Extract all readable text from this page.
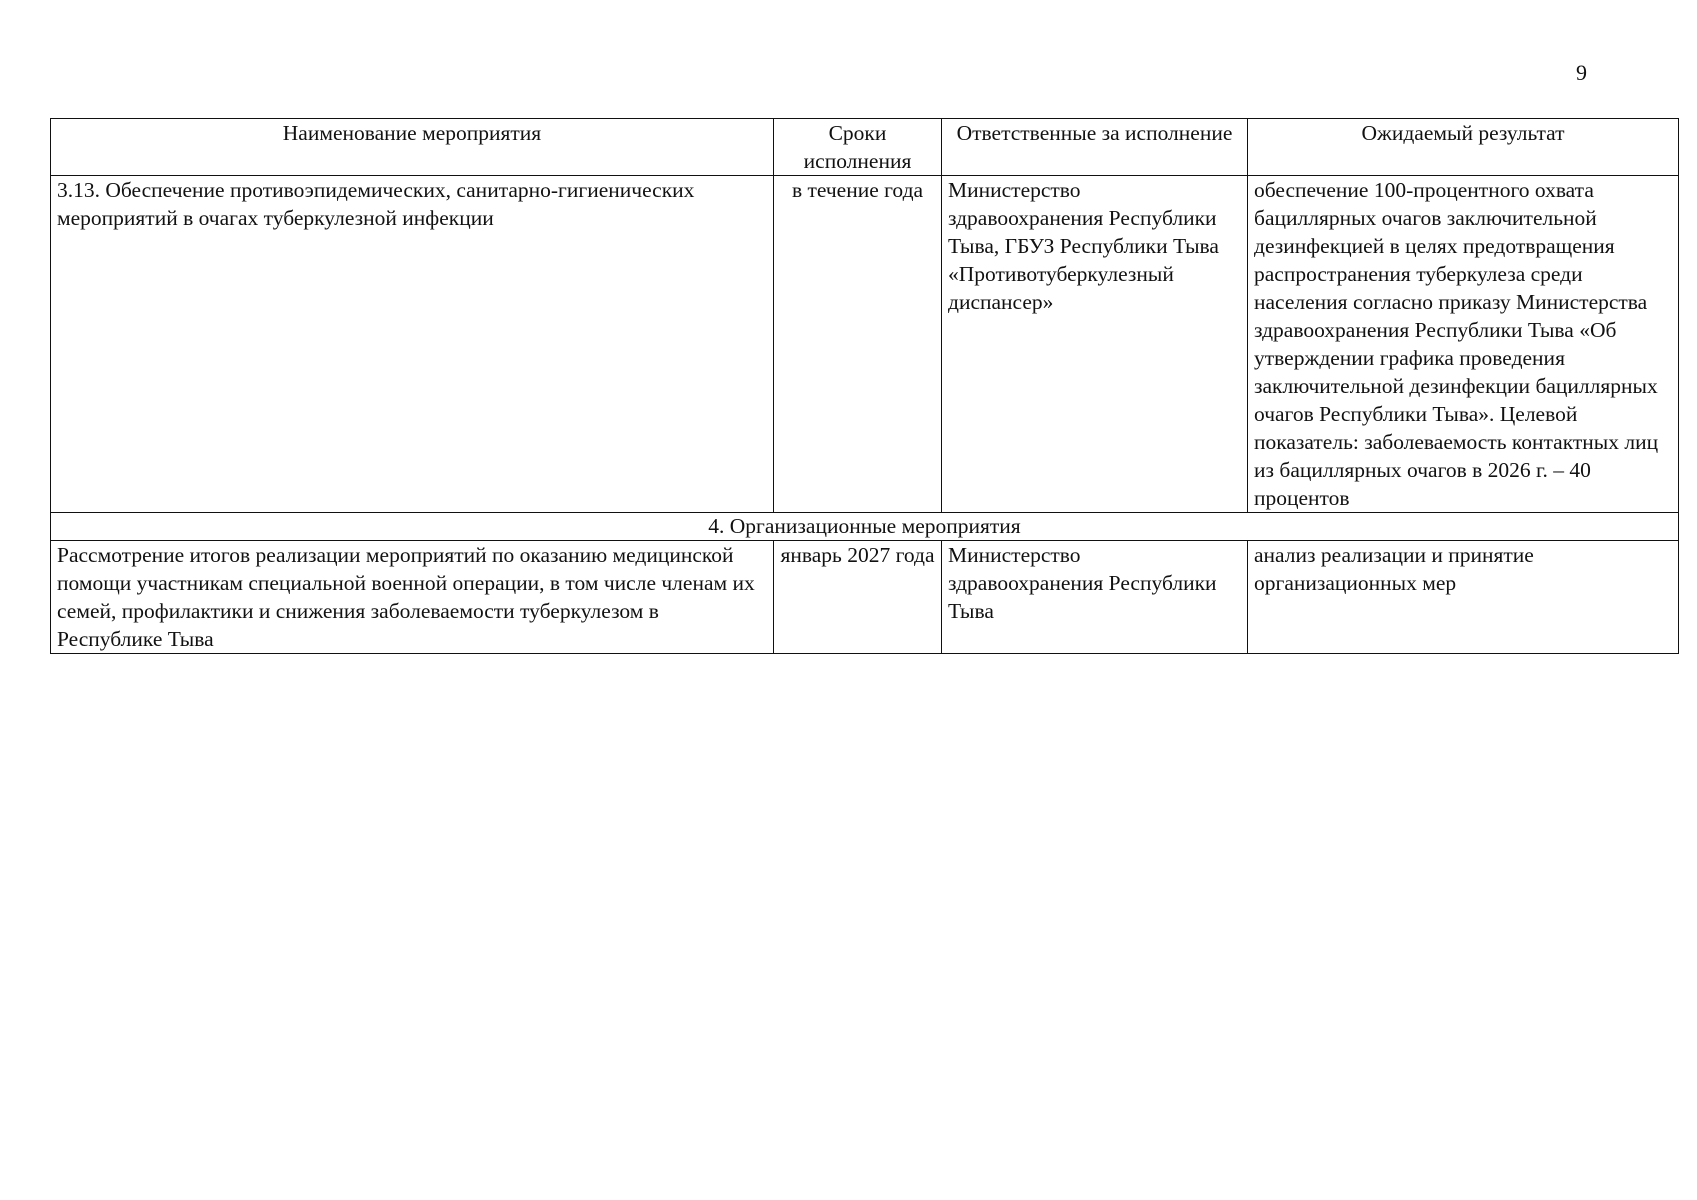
9
Наименование мероприятия	Сроки исполнения	Ответственные за исполнение	Ожидаемый результат
3.13. Обеспечение противоэпидемических, санитарно-гигиенических мероприятий в очагах туберкулезной инфекции	в течение года	Министерство здравоохранения Республики Тыва, ГБУЗ Республики Тыва «Противотуберкулезный диспансер»	обеспечение 100-процентного охвата бациллярных очагов заключительной дезинфекцией в целях предотвращения распространения туберкулеза среди населения согласно приказу Министерства здравоохранения Республики Тыва «Об утверждении графика проведения заключительной дезинфекции бациллярных очагов Республики Тыва». Целевой показатель: заболеваемость контактных лиц из бациллярных очагов в 2026 г. – 40 процентов
4. Организационные мероприятия			
Рассмотрение итогов реализации мероприятий по оказанию медицинской помощи участникам специальной военной операции, в том числе членам их семей, профилактики и снижения заболеваемости туберкулезом в Республике Тыва	январь 2027 года	Министерство здравоохранения Республики Тыва	анализ реализации и принятие организационных мер
